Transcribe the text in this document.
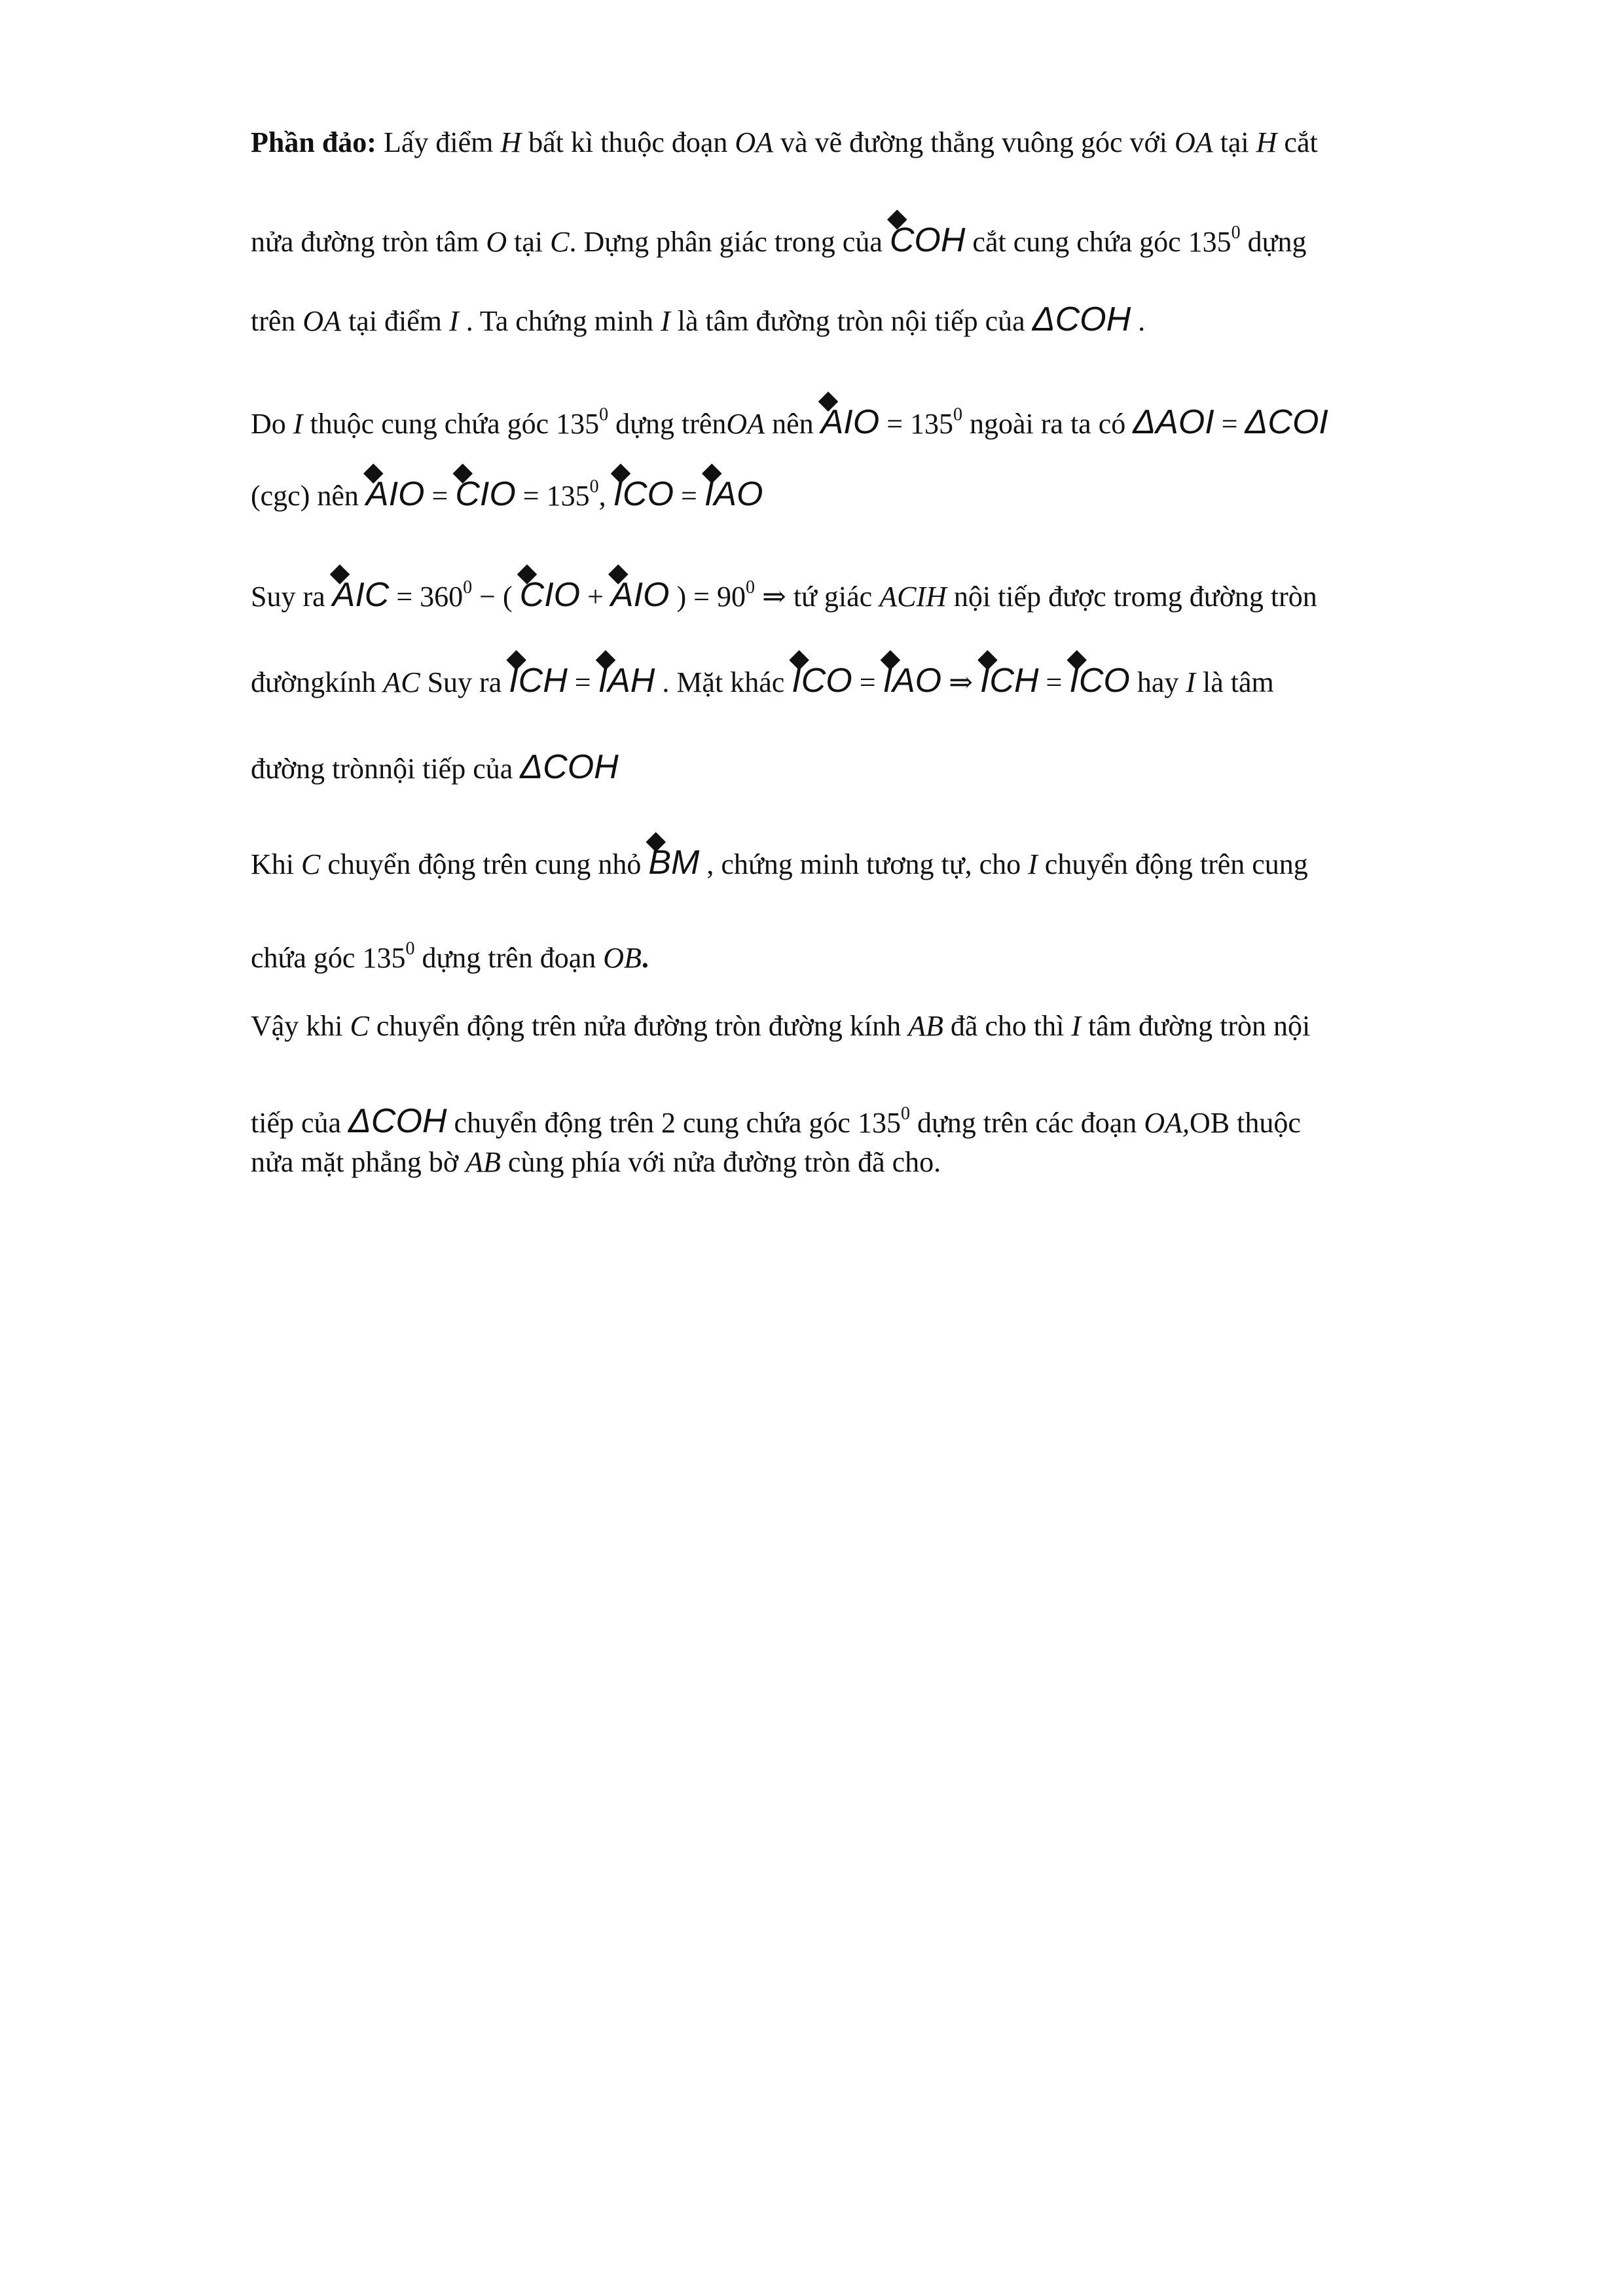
Phần đảo: Lấy điểm H bất kì thuộc đoạn OA và vẽ đường thẳng vuông góc với OA tại H cắt
nửa đường tròn tâm O tại C. Dựng phân giác trong của ◆ COH cắt cung chứa góc $135^0$ dựng
trên OA tại điểm I . Ta chứng minh I là tâm đường tròn nội tiếp của ΔCOH .
Do I thuộc cung chứa góc $135^0$ dựng trênOA nên ◆ AIO = $135^0$ ngoài ra ta có ΔAOI = ΔCOI
(cgc) nên ◆ AIO = ◆ CIO = $135^0$, ◆ ICO = ◆ IAO
Suy ra ◆ AIC = $360^0$ − ( ◆ CIO + ◆ AIO ) = $90^0$ ⇒ tứ giác ACIH nội tiếp được tromg đường tròn
đườngkính AC Suy ra ◆ ICH = ◆ IAH . Mặt khác ◆ ICO = ◆ IAO ⇒ ◆ ICH = ◆ ICO hay I là tâm
đường trònnội tiếp của ΔCOH
Khi C chuyển động trên cung nhỏ ◆ BM , chứng minh tương tự, cho I chuyển động trên cung
chứa góc $135^0$ dựng trên đoạn OB.
Vậy khi C chuyển động trên nửa đường tròn đường kính AB đã cho thì I tâm đường tròn nội
tiếp của ΔCOH chuyển động trên 2 cung chứa góc $135^0$ dựng trên các đoạn OA,OB thuộc
nửa mặt phẳng bờ AB cùng phía với nửa đường tròn đã cho.
